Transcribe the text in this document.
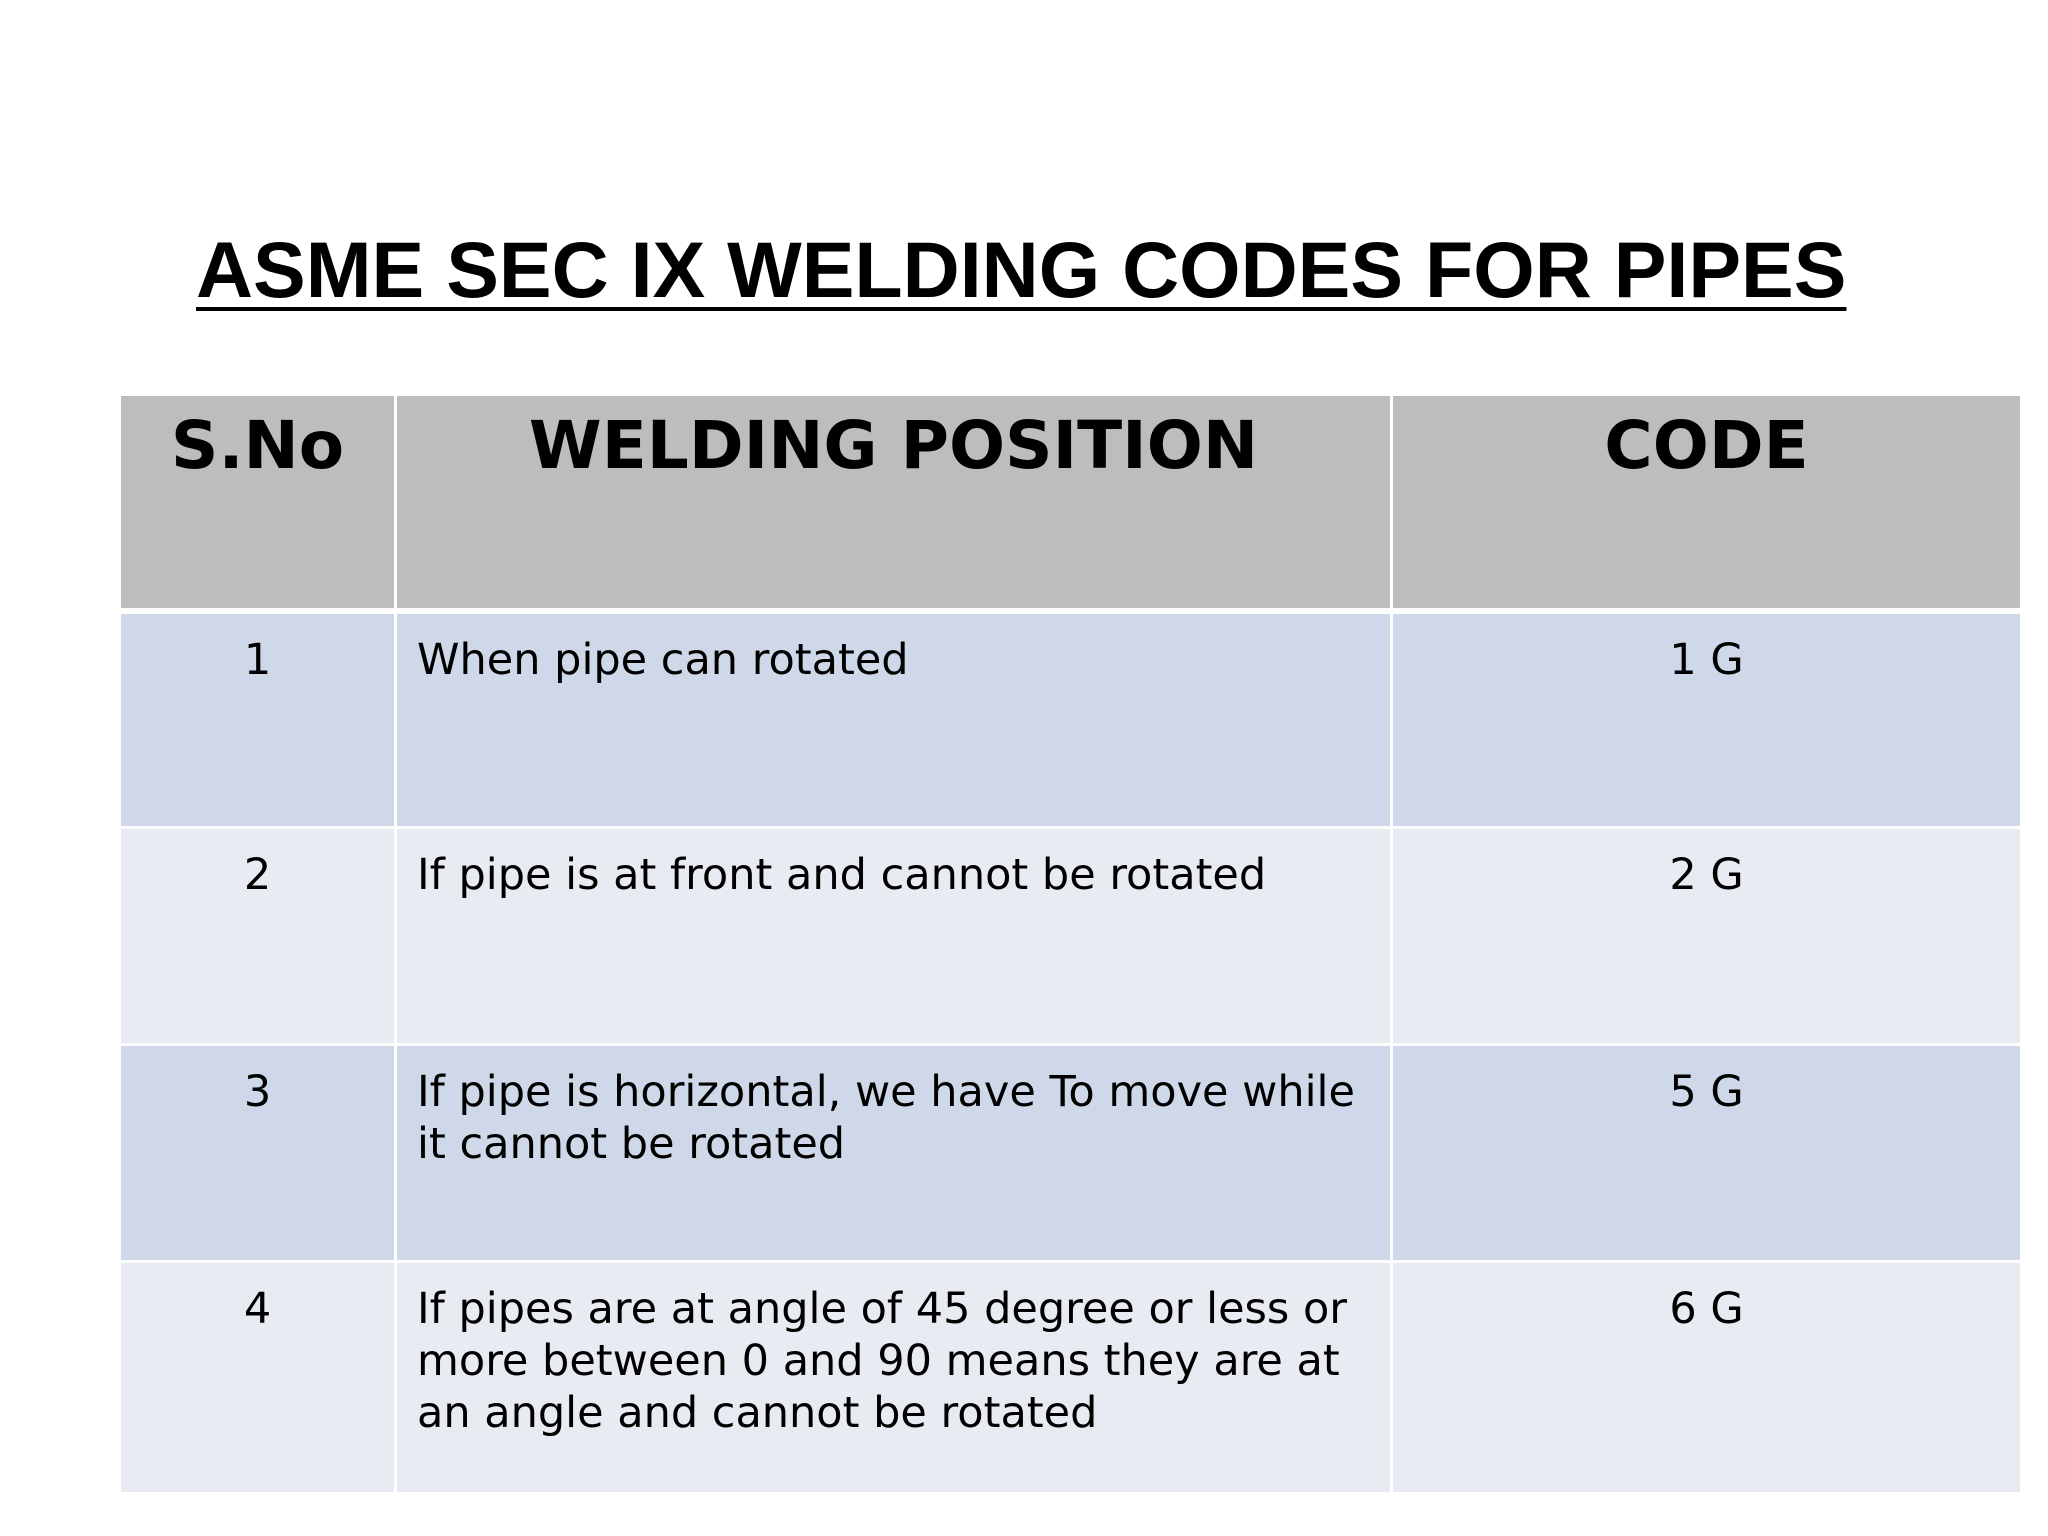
ASME SEC IX WELDING CODES FOR PIPES
S.No	WELDING POSITION	CODE
1	When pipe can rotated	1 G
2	If pipe is at front and cannot be rotated	2 G
3	If pipe is horizontal, we have To move while it cannot be rotated	5 G
4	If pipes are at angle of 45 degree or less or more between 0 and 90 means they are at an angle and cannot be rotated	6 G
